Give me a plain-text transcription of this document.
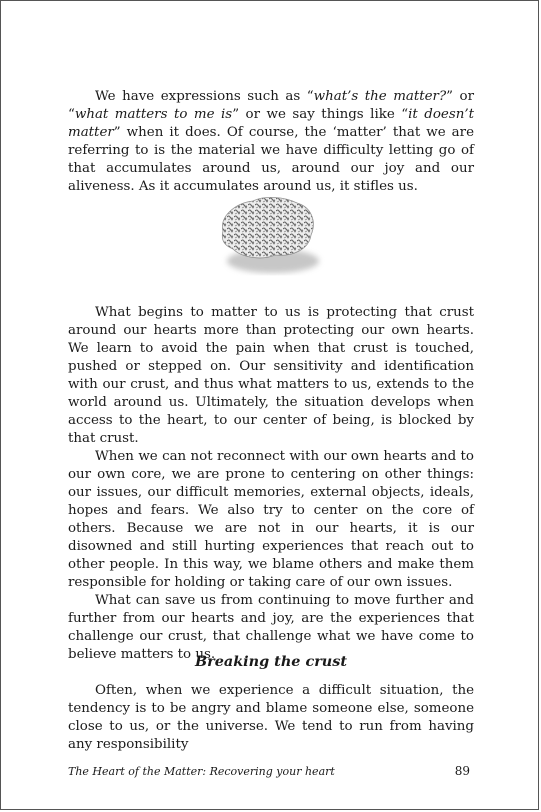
We have expressions such as “what’s the matter?” or “what matters to me is” or we say things like “it doesn’t matter” when it does. Of course, the ‘matter’ that we are referring to is the material we have difficulty letting go of that accumulates around us, around our joy and our aliveness. As it accumulates around us, it stifles us.

What begins to matter to us is protecting that crust around our hearts more than protecting our own hearts. We learn to avoid the pain when that crust is touched, pushed or stepped on. Our sensitivity and identification with our crust, and thus what matters to us, extends to the world around us. Ultimately, the situation develops when access to the heart, to our center of being, is blocked by that crust.

When we can not reconnect with our own hearts and to our own core, we are prone to centering on other things: our issues, our difficult memories, external objects, ideals, hopes and fears. We also try to center on the core of others. Because we are not in our hearts, it is our disowned and still hurting experiences that reach out to other people. In this way, we blame others and make them responsible for holding or taking care of our own issues.

What can save us from continuing to move further and further from our hearts and joy, are the experiences that challenge our crust, that challenge what we have come to believe matters to us.

Breaking the crust

Often, when we experience a difficult situation, the tendency is to be angry and blame someone else, someone close to us, or the universe. We tend to run from having any responsibility

The Heart of the Matter: Recovering your heart	89
